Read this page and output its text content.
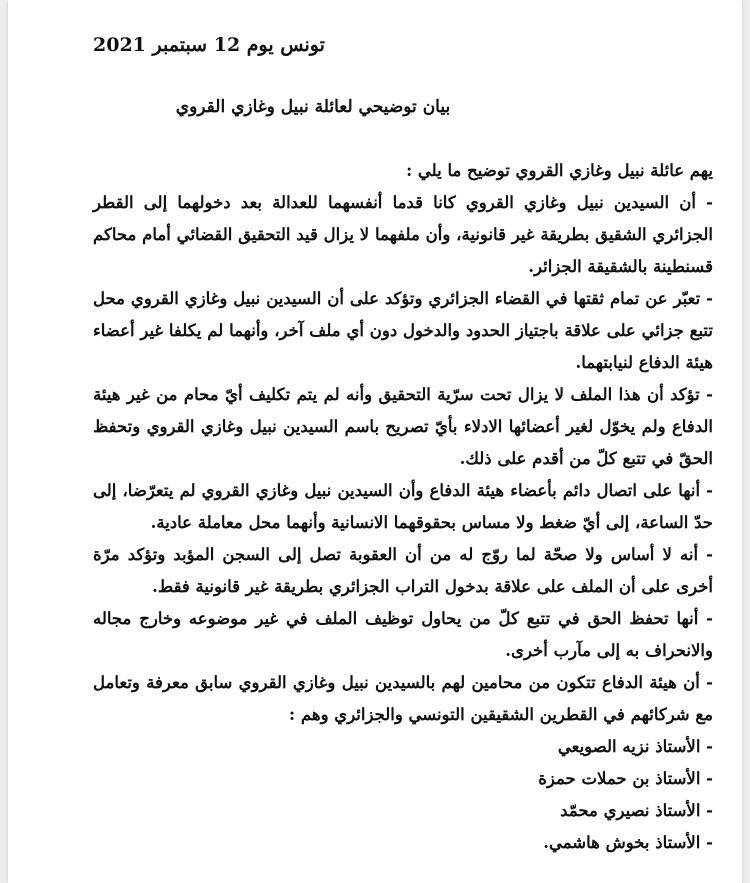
تونس يوم 12 سبتمبر 2021
بيان توضيحي لعائلة نبيل وغازي القروي

يهم عائلة نبيل وغازي القروي توضيح ما يلي :

- أن السيدين نبيل وغازي القروي كانا قدما أنفسهما للعدالة بعد دخولهما إلى القطر الجزائري الشقيق بطريقة غير قانونية، وأن ملفهما لا يزال قيد التحقيق القضائي أمام محاكم قسنطينة بالشقيقة الجزائر.

- تعبّر عن تمام ثقتها في القضاء الجزائري وتؤكد على أن السيدين نبيل وغازي القروي محل تتبع جزائي على علاقة باجتياز الحدود والدخول دون أي ملف آخر، وأنهما لم يكلفا غير أعضاء هيئة الدفاع لنيابتهما.

- تؤكد أن هذا الملف لا يزال تحت سرّية التحقيق وأنه لم يتم تكليف أيّ محام من غير هيئة الدفاع ولم يخوّل لغير أعضائها الادلاء بأيّ تصريح باسم السيدين نبيل وغازي القروي وتحفظ الحقّ في تتبع كلّ من أقدم على ذلك.

- أنها على اتصال دائم بأعضاء هيئة الدفاع وأن السيدين نبيل وغازي القروي لم يتعرّضا، إلى حدّ الساعة، إلى أيّ ضغط ولا مساس بحقوقهما الانسانية وأنهما محل معاملة عادية.

- أنه لا أساس ولا صحّة لما روّج له من أن العقوبة تصل إلى السجن المؤبد وتؤكد مرّة أخرى على أن الملف على علاقة بدخول التراب الجزائري بطريقة غير قانونية فقط.

- أنها تحفظ الحق في تتبع كلّ من يحاول توظيف الملف في غير موضوعه وخارج مجاله والانحراف به إلى مآرب أخرى.

- أن هيئة الدفاع تتكون من محامين لهم بالسيدين نبيل وغازي القروي سابق معرفة وتعامل مع شركائهم في القطرين الشقيقين التونسي والجزائري وهم :

- الأستاذ نزيه الصويعي

- الأستاذ بن حملات حمزة

- الأستاذ نصيري محمّد

- الأستاذ بخوش هاشمي.
